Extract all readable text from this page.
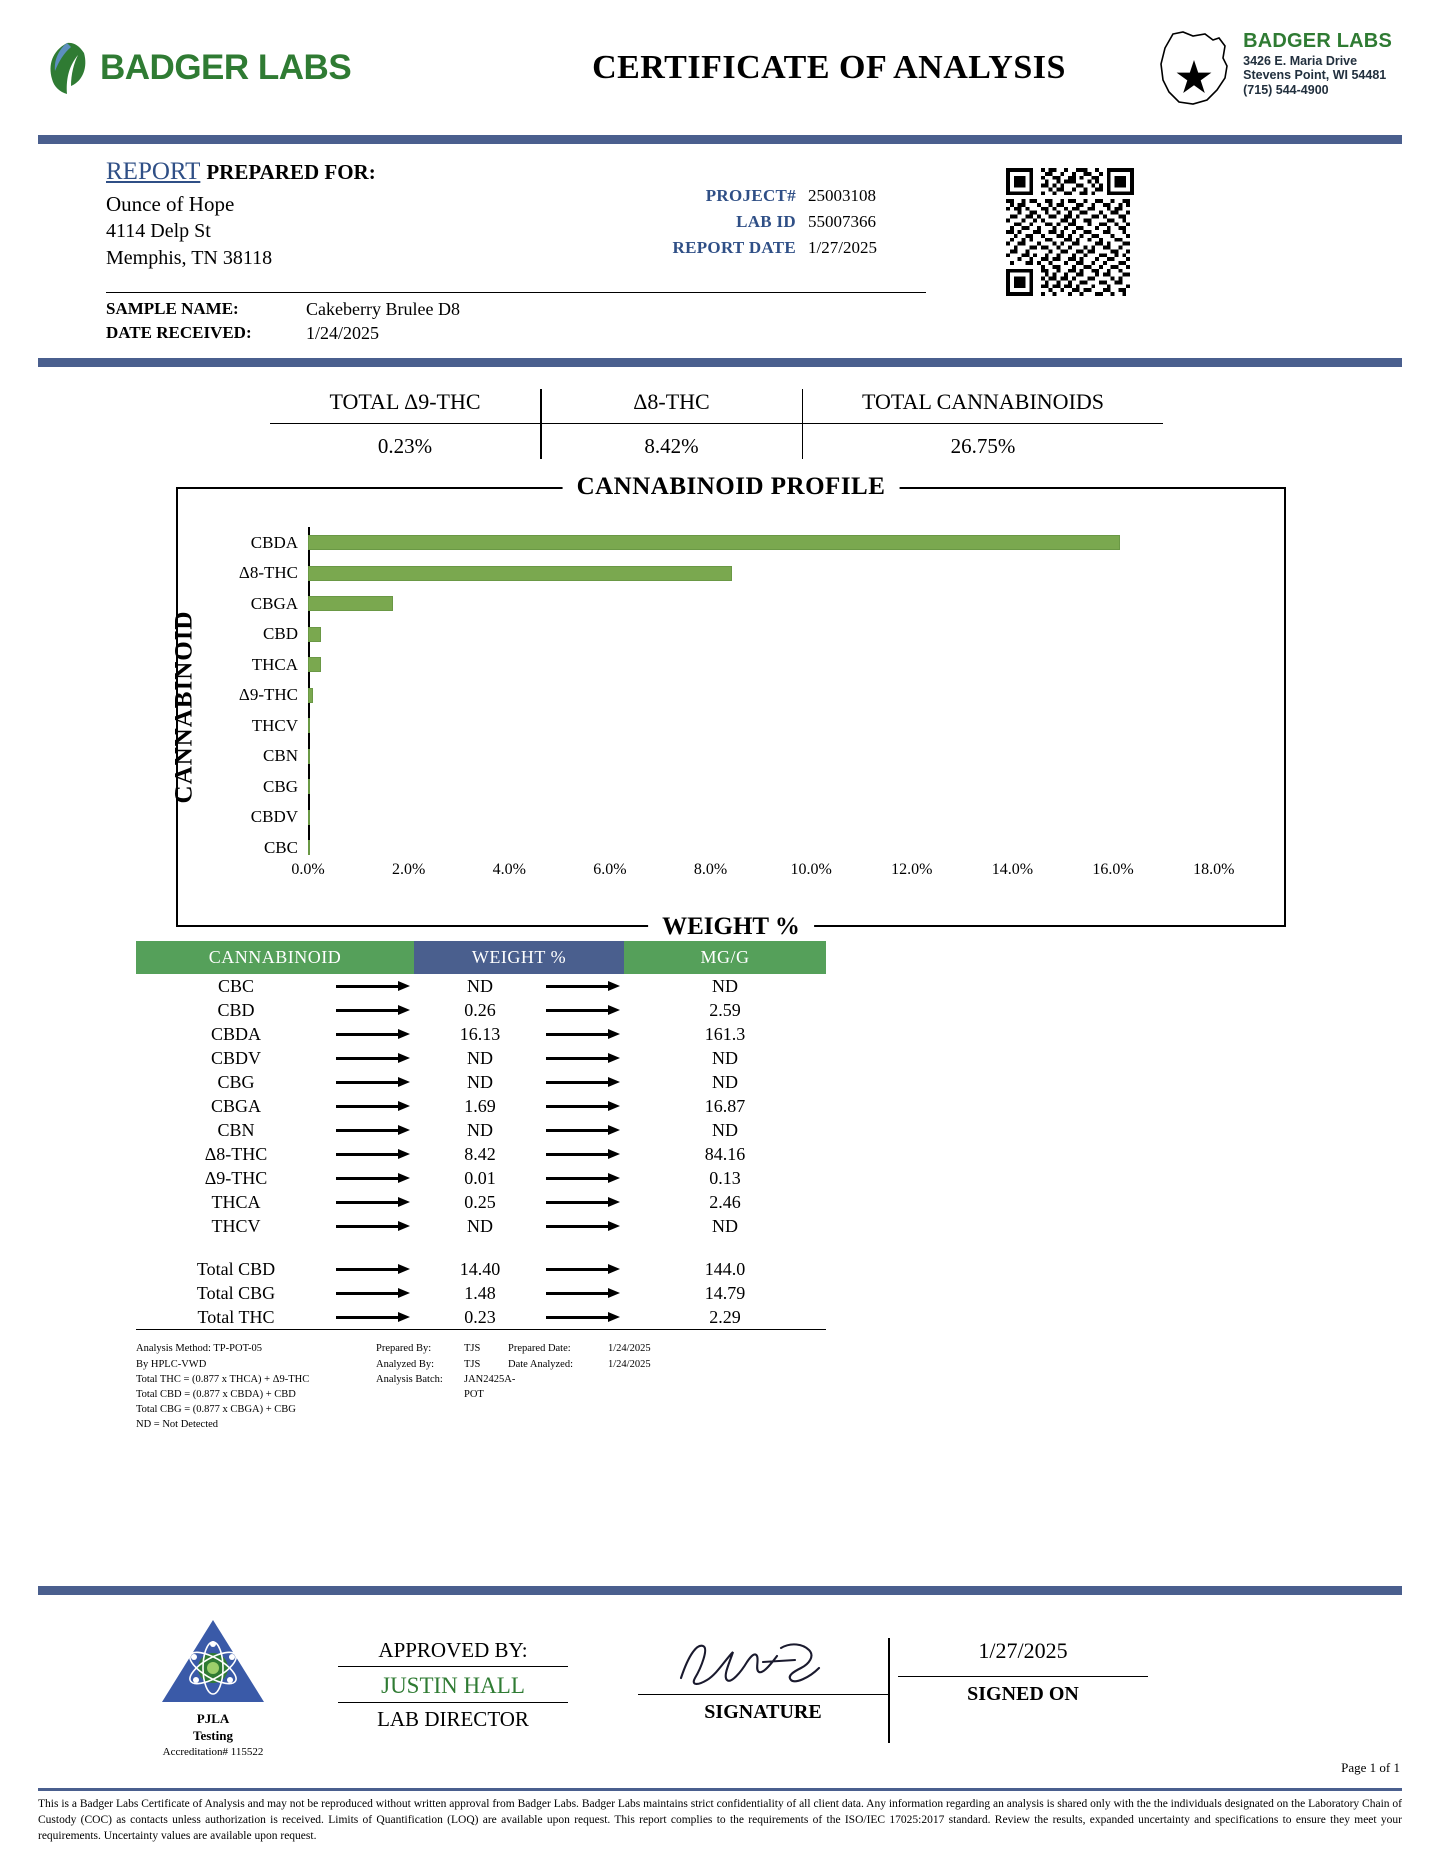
BADGER LABS	CERTIFICATE OF ANALYSIS
BADGER LABS
3426 E. Maria Drive
Stevens Point, WI 54481
(715) 544-4900
REPORT PREPARED FOR:
Ounce of Hope
4114 Delp St
Memphis, TN 38118
PROJECT# 25003108
LAB ID 55007366
REPORT DATE 1/27/2025
SAMPLE NAME:	Cakeberry Brulee D8
DATE RECEIVED:	1/24/2025
TOTAL Δ9-THC
0.23%
Δ8-THC
8.42%
TOTAL CANNABINOIDS
26.75%
CANNABINOID PROFILE
CANNABINOID
WEIGHT %
CBDA
Δ8-THC
CBGA
CBD
THCA
Δ9-THC
THCV
CBN
CBG
CBDV
CBC
0.0%	2.0%	4.0%	6.0%	8.0%	10.0%	12.0%	14.0%	16.0%	18.0%
CANNABINOID		WEIGHT %		MG/G
CBC		ND		ND
CBD		0.26		2.59
CBDA		16.13		161.3
CBDV		ND		ND
CBG		ND		ND
CBGA		1.69		16.87
CBN		ND		ND
Δ8-THC		8.42		84.16
Δ9-THC		0.01		0.13
THCA		0.25		2.46
THCV		ND		ND

Total CBD		14.40		144.0
Total CBG		1.48		14.79
Total THC		0.23		2.29

Analysis Method: TP-POT-05
By HPLC-VWD
Total THC = (0.877 x THCA) + Δ9-THC
Total CBD = (0.877 x CBDA) + CBD
Total CBG = (0.877 x CBGA) + CBG
ND = Not Detected
Prepared By:	TJS	Prepared Date:	1/24/2025
Analyzed By:	TJS	Date Analyzed:	1/24/2025
Analysis Batch:	JAN2425A-POT
PJLA
Testing
Accreditation# 115522
APPROVED BY:
JUSTIN HALL
LAB DIRECTOR	SIGNATURE
1/27/2025
SIGNED ON
Page 1 of 1
This is a Badger Labs Certificate of Analysis and may not be reproduced without written approval from Badger Labs. Badger Labs maintains strict confidentiality of all client data. Any information regarding an analysis is shared only with the the individuals designated on the Laboratory Chain of Custody (COC) as contacts unless authorization is received. Limits of Quantification (LOQ) are available upon request. This report complies to the requirements of the ISO/IEC 17025:2017 standard. Review the results, expanded uncertainty and specifications to ensure they meet your requirements. Uncertainty values are available upon request.
